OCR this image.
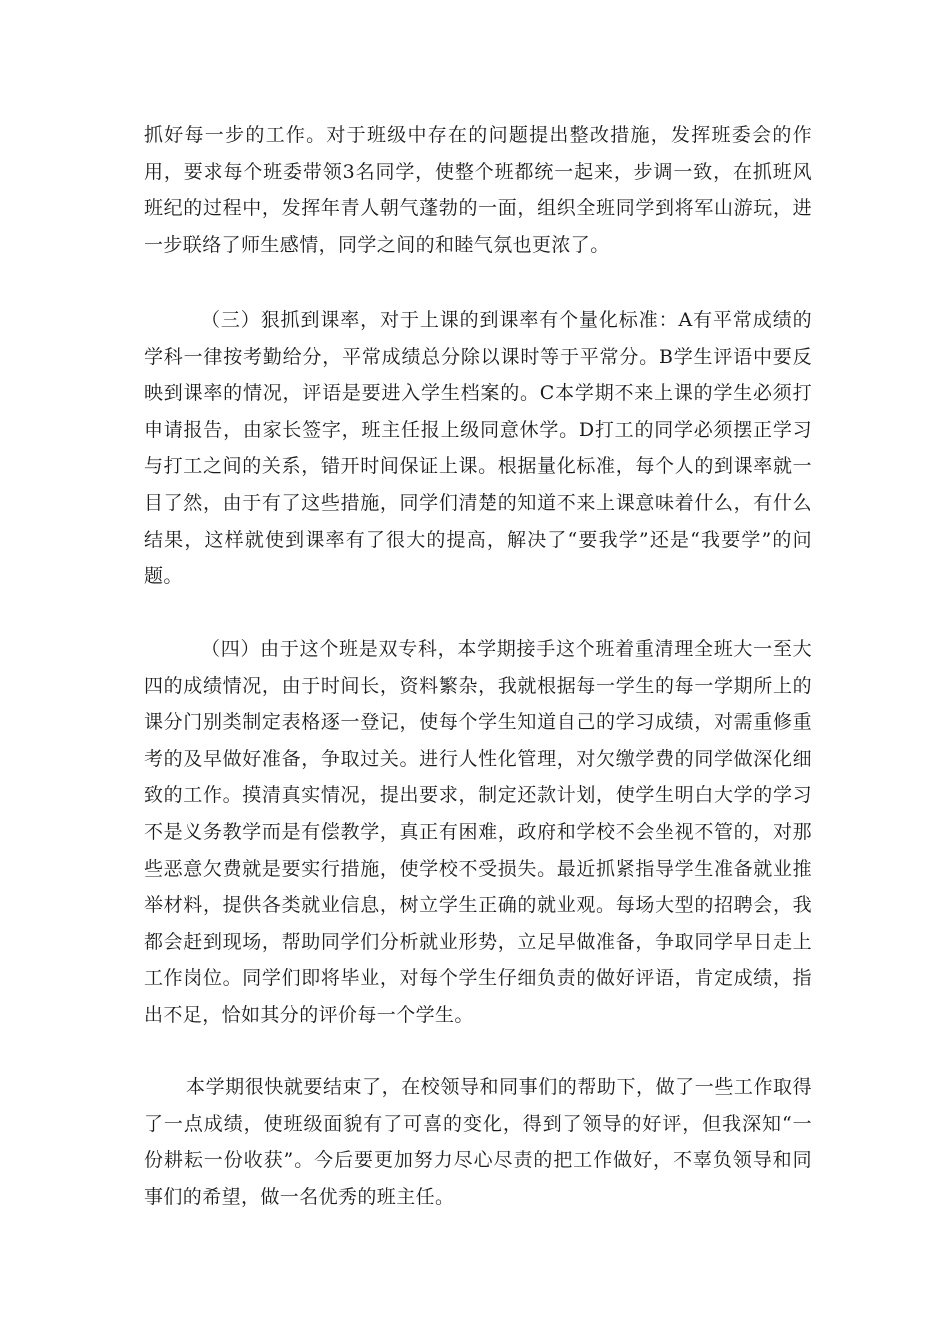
抓好每一步的工作。对于班级中存在的问题提出整改措施，发挥班委会的作用，要求每个班委带领3名同学，使整个班都统一起来，步调一致，在抓班风班纪的过程中，发挥年青人朝气蓬勃的一面，组织全班同学到将军山游玩，进一步联络了师生感情，同学之间的和睦气氛也更浓了。

（三）狠抓到课率，对于上课的到课率有个量化标准：A有平常成绩的学科一律按考勤给分，平常成绩总分除以课时等于平常分。B学生评语中要反映到课率的情况，评语是要进入学生档案的。C本学期不来上课的学生必须打申请报告，由家长签字，班主任报上级同意休学。D打工的同学必须摆正学习与打工之间的关系，错开时间保证上课。根据量化标准，每个人的到课率就一目了然，由于有了这些措施，同学们清楚的知道不来上课意味着什么，有什么结果，这样就使到课率有了很大的提高，解决了“要我学”还是“我要学”的问题。

（四）由于这个班是双专科，本学期接手这个班着重清理全班大一至大四的成绩情况，由于时间长，资料繁杂，我就根据每一学生的每一学期所上的课分门别类制定表格逐一登记，使每个学生知道自己的学习成绩，对需重修重考的及早做好准备，争取过关。进行人性化管理，对欠缴学费的同学做深化细致的工作。摸清真实情况，提出要求，制定还款计划，使学生明白大学的学习不是义务教学而是有偿教学，真正有困难，政府和学校不会坐视不管的，对那些恶意欠费就是要实行措施，使学校不受损失。最近抓紧指导学生准备就业推举材料，提供各类就业信息，树立学生正确的就业观。每场大型的招聘会，我都会赶到现场，帮助同学们分析就业形势，立足早做准备，争取同学早日走上工作岗位。同学们即将毕业，对每个学生仔细负责的做好评语，肯定成绩，指出不足，恰如其分的评价每一个学生。

本学期很快就要结束了，在校领导和同事们的帮助下，做了一些工作取得了一点成绩，使班级面貌有了可喜的变化，得到了领导的好评，但我深知“一份耕耘一份收获”。今后要更加努力尽心尽责的把工作做好，不辜负领导和同事们的希望，做一名优秀的班主任。
